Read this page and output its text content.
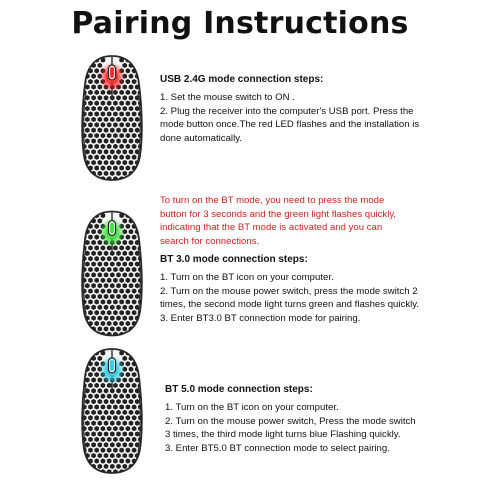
Pairing Instructions
USB 2.4G mode connection steps:
1. Set the mouse switch to ON .
2. Plug the receiver into the computer's USB port. Press the
mode button once.The red LED flashes and the installation is
done automatically.
To turn on the BT mode, you need to press the mode
button for 3 seconds and the green light flashes quickly,
indicating that the BT mode is activated and you can
search for connections.
BT 3.0 mode connection steps:
1. Turn on the BT icon on your computer.
2. Turn on the mouse power switch, press the mode switch 2
times, the second mode light turns green and flashes quickly.
3. Enter BT3.0 BT connection mode for pairing.
BT 5.0 mode connection steps:
1. Turn on the BT icon on your computer.
2. Turn on the mouse power switch, Press the mode switch
3 times, the third mode light turns blue Flashing quickly.
3. Enter BT5.0 BT connection mode to select pairing.
